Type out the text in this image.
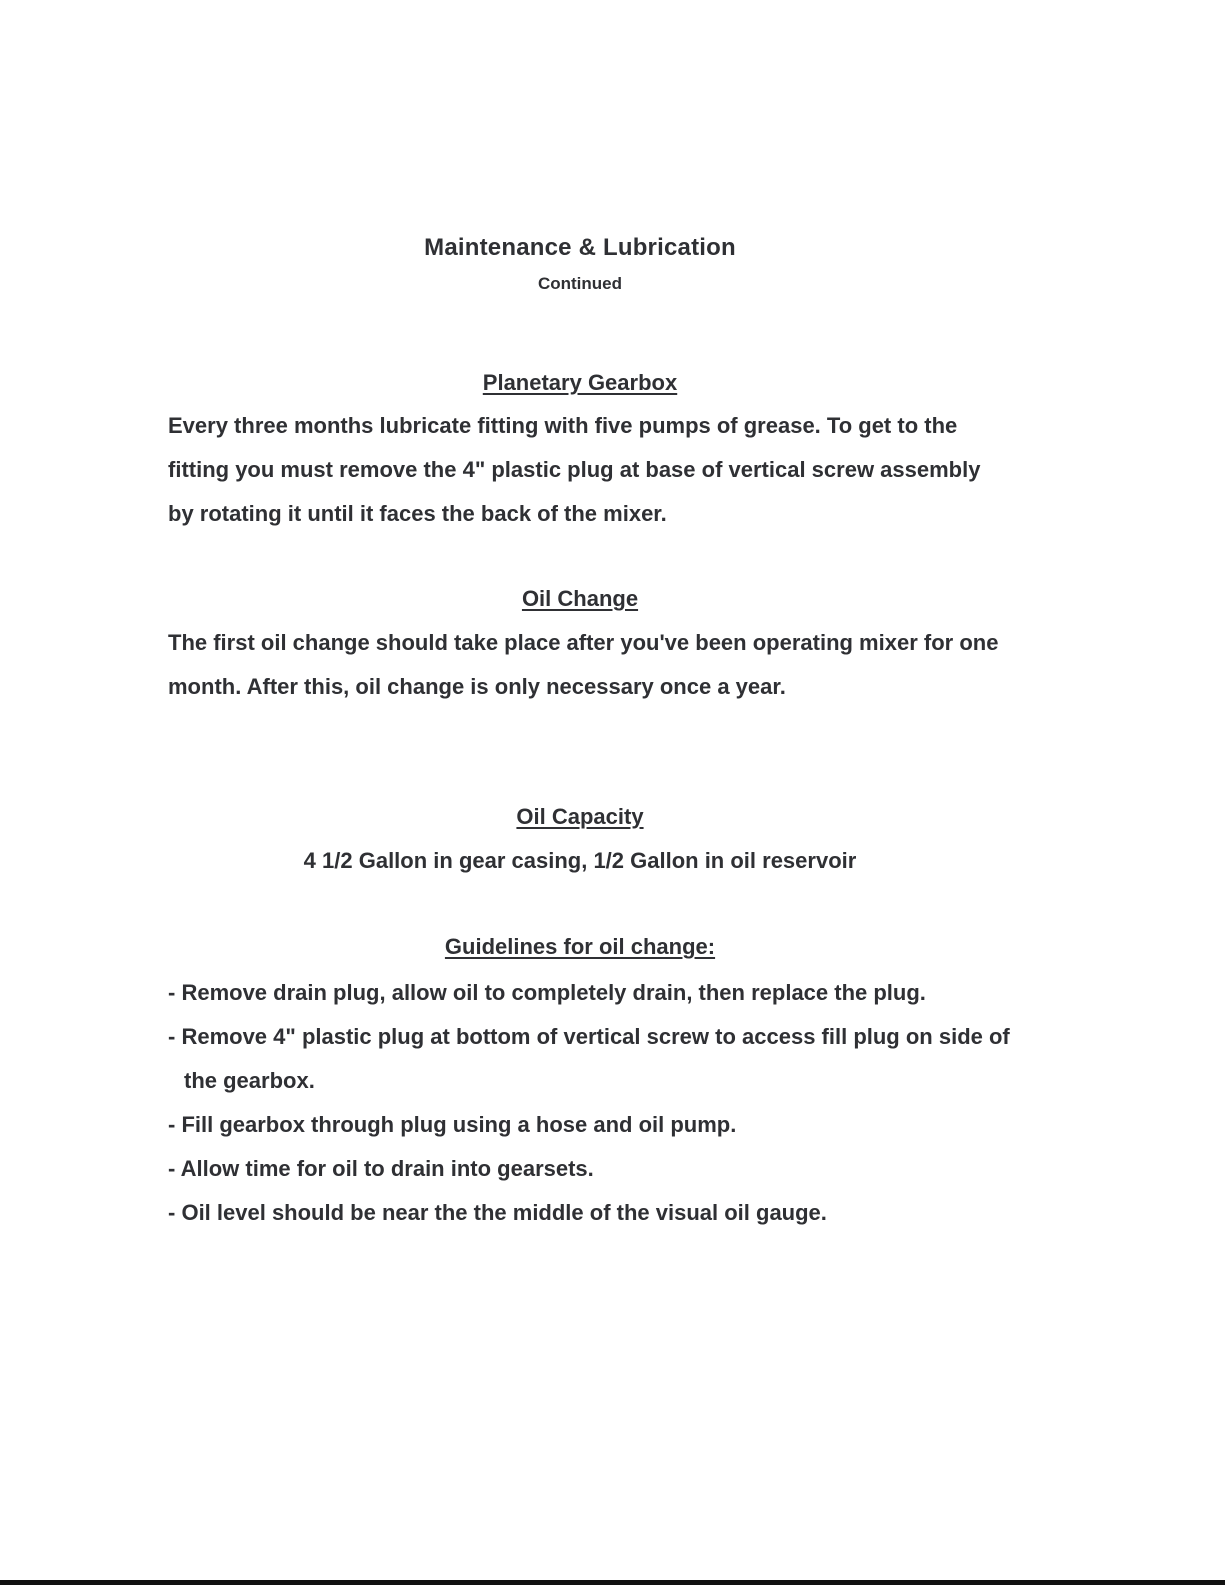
Maintenance & Lubrication
Continued
Planetary Gearbox

Every three months lubricate fitting with five pumps of grease. To get to the fitting you must remove the 4" plastic plug at base of vertical screw assembly by rotating it until it faces the back of the mixer.

Oil Change

The first oil change should take place after you've been operating mixer for one month. After this, oil change is only necessary once a year.

Oil Capacity
4 1/2 Gallon in gear casing, 1/2 Gallon in oil reservoir
Guidelines for oil change:
- Remove drain plug, allow oil to completely drain, then replace the plug.
- Remove 4" plastic plug at bottom of vertical screw to access fill plug on side of the gearbox.
- Fill gearbox through plug using a hose and oil pump.
- Allow time for oil to drain into gearsets.
- Oil level should be near the the middle of the visual oil gauge.
